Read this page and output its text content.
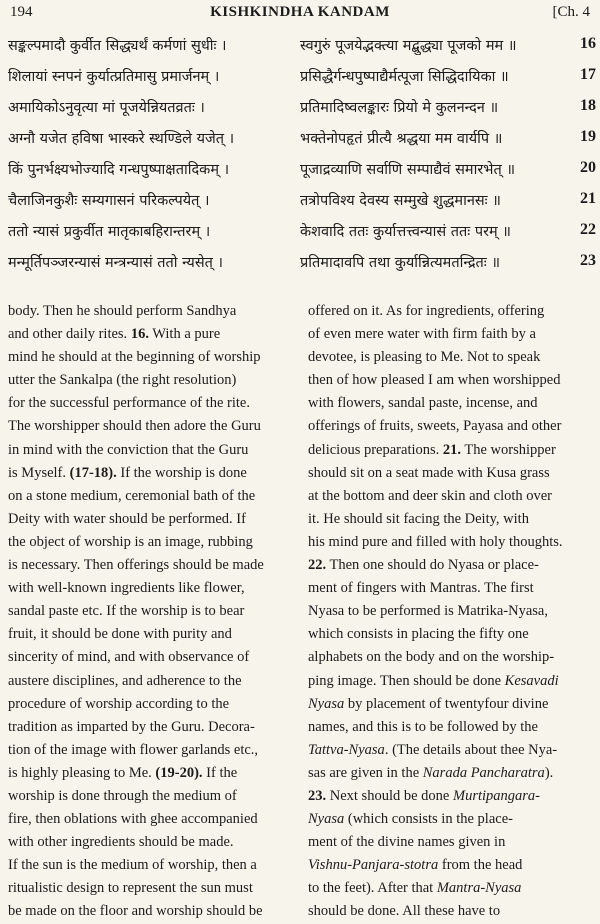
194	KISHKINDHA KANDAM	[Ch. 4
सङ्कल्पमादौ कुर्वीत सिद्ध्यर्थं कर्मणां सुधीः ।	स्वगुरुं पूजयेद्भक्त्या मद्बुद्ध्या पूजको मम ॥	16
शिलायां स्नपनं कुर्यात्प्रतिमासु प्रमार्जनम् ।	प्रसिद्धैर्गन्धपुष्पाद्यैर्मत्पूजा सिद्धिदायिका ॥	17
अमायिकोऽनुवृत्या मां पूजयेन्नियतव्रतः ।	प्रतिमादिष्वलङ्कारः प्रियो मे कुलनन्दन ॥	18
अग्नौ यजेत हविषा भास्करे स्थण्डिले यजेत् ।	भक्तेनोपहृतं प्रीत्यै श्रद्धया मम वार्यपि ॥	19
किं पुनर्भक्ष्यभोज्यादि गन्धपुष्पाक्षतादिकम् ।	पूजाद्रव्याणि सर्वाणि सम्पाद्यैवं समारभेत् ॥	20
चैलाजिनकुशैः सम्यगासनं परिकल्पयेत् ।	तत्रोपविश्य देवस्य सम्मुखे शुद्धमानसः ॥	21
ततो न्यासं प्रकुर्वीत मातृकाबहिरान्तरम् ।	केशवादि ततः कुर्यात्तत्त्वन्यासं ततः परम् ॥	22
मन्मूर्तिपञ्जरन्यासं मन्त्रन्यासं ततो न्यसेत् ।	प्रतिमादावपि तथा कुर्यान्नित्यमतन्द्रितः ॥	23

body. Then he should perform Sandhya

and other daily rites. 16. With a pure

mind he should at the beginning of worship

utter the Sankalpa (the right resolution)

for the successful performance of the rite.

The worshipper should then adore the Guru

in mind with the conviction that the Guru

is Myself. (17-18). If the worship is done

on a stone medium, ceremonial bath of the

Deity with water should be performed. If

the object of worship is an image, rubbing

is necessary. Then offerings should be made

with well-known ingredients like flower,

sandal paste etc. If the worship is to bear

fruit, it should be done with purity and

sincerity of mind, and with observance of

austere disciplines, and adherence to the

procedure of worship according to the

tradition as imparted by the Guru. Decora-

tion of the image with flower garlands etc.,

is highly pleasing to Me. (19-20). If the

worship is done through the medium of

fire, then oblations with ghee accompanied

with other ingredients should be made.

If the sun is the medium of worship, then a

ritualistic design to represent the sun must

be made on the floor and worship should be

offered on it. As for ingredients, offering

of even mere water with firm faith by a

devotee, is pleasing to Me. Not to speak

then of how pleased I am when worshipped

with flowers, sandal paste, incense, and

offerings of fruits, sweets, Payasa and other

delicious preparations. 21. The worshipper

should sit on a seat made with Kusa grass

at the bottom and deer skin and cloth over

it. He should sit facing the Deity, with

his mind pure and filled with holy thoughts.

22. Then one should do Nyasa or place-

ment of fingers with Mantras. The first

Nyasa to be performed is Matrika-Nyasa,

which consists in placing the fifty one

alphabets on the body and on the worship-

ping image. Then should be done Kesavadi

Nyasa by placement of twentyfour divine

names, and this is to be followed by the

Tattva-Nyasa. (The details about thee Nya-

sas are given in the Narada Pancharatra).

23. Next should be done Murtipangara-

Nyasa (which consists in the place-

ment of the divine names given in

Vishnu-Panjara-stotra from the head

to the feet). After that Mantra-Nyasa

should be done. All these have to
